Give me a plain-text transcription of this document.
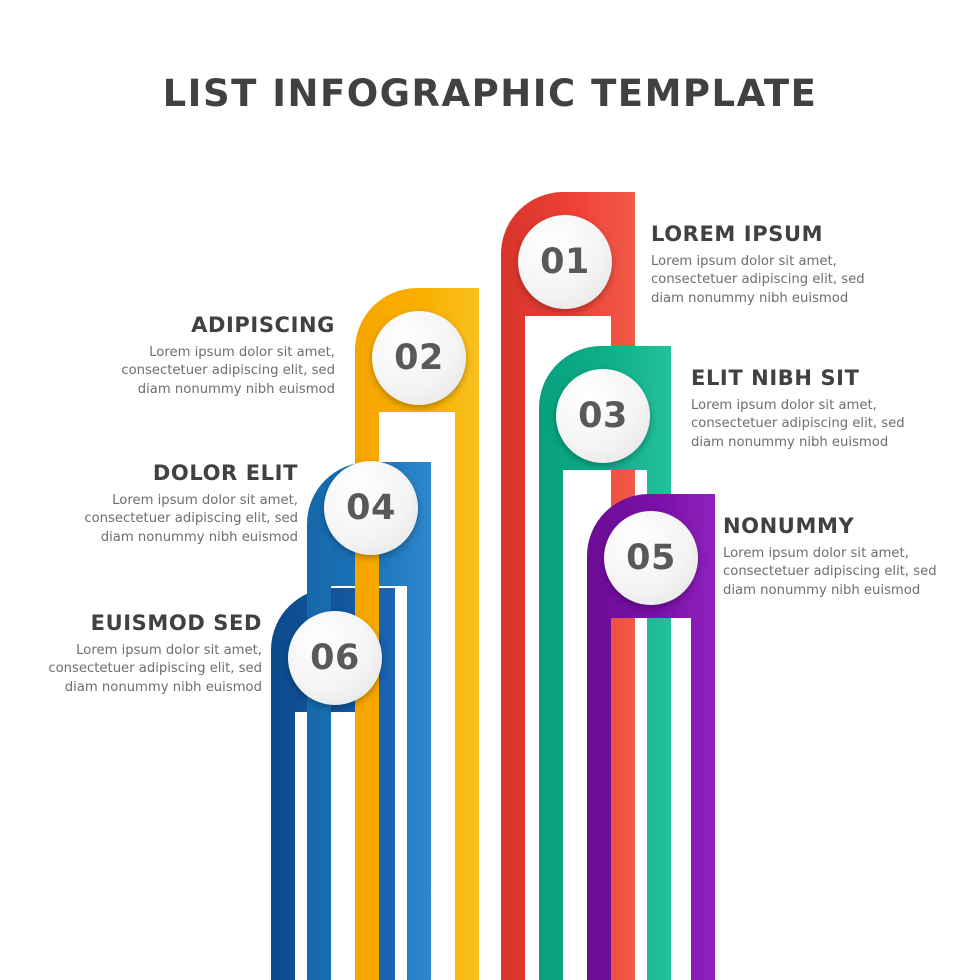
LIST INFOGRAPHIC TEMPLATE
01
02
03
04
05
06
LOREM IPSUM
Lorem ipsum dolor sit amet, consectetuer adipiscing elit, sed diam nonummy nibh euismod
ADIPISCING
Lorem ipsum dolor sit amet, consectetuer adipiscing elit, sed diam nonummy nibh euismod	ELIT NIBH SIT
Lorem ipsum dolor sit amet, consectetuer adipiscing elit, sed diam nonummy nibh euismod
DOLOR ELIT
Lorem ipsum dolor sit amet, consectetuer adipiscing elit, sed diam nonummy nibh euismod	NONUMMY
Lorem ipsum dolor sit amet, consectetuer adipiscing elit, sed diam nonummy nibh euismod
EUISMOD SED
Lorem ipsum dolor sit amet, consectetuer adipiscing elit, sed diam nonummy nibh euismod
